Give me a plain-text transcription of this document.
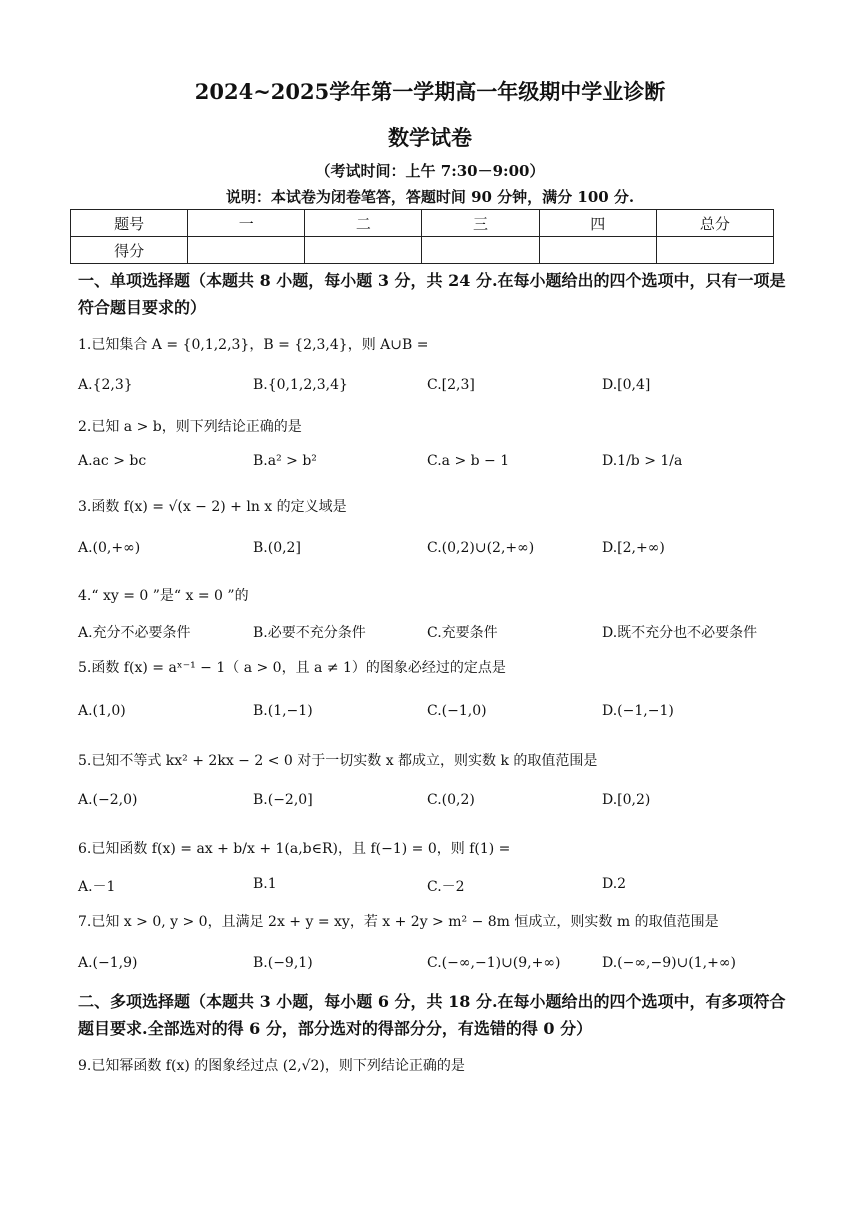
2024~2025学年第一学期高一年级期中学业诊断
数学试卷
（考试时间：上午 7:30－9:00）
说明：本试卷为闭卷笔答，答题时间 90 分钟，满分 100 分.
题号	一	二	三	四	总分
得分					
一、单项选择题（本题共 8 小题，每小题 3 分，共 24 分.在每小题给出的四个选项中，只有一项是符合题目要求的）
1.已知集合 A = {0,1,2,3}，B = {2,3,4}，则 A∪B =
A.{2,3}	B.{0,1,2,3,4}	C.[2,3]	D.[0,4]
2.已知 a > b，则下列结论正确的是
A.ac > bc	B.a² > b²	C.a > b − 1	D.1/b > 1/a
3.函数 f(x) = √(x − 2) + ln x 的定义域是
A.(0,+∞)	B.(0,2]	C.(0,2)∪(2,+∞)	D.[2,+∞)
4.“ xy = 0 ”是“ x = 0 ”的
A.充分不必要条件	B.必要不充分条件	C.充要条件	D.既不充分也不必要条件
5.函数 f(x) = aˣ⁻¹ − 1（ a > 0，且 a ≠ 1）的图象必经过的定点是
A.(1,0)	B.(1,−1)	C.(−1,0)	D.(−1,−1)
5.已知不等式 kx² + 2kx − 2 < 0 对于一切实数 x 都成立，则实数 k 的取值范围是
A.(−2,0)	B.(−2,0]	C.(0,2)	D.[0,2)
6.已知函数 f(x) = ax + b/x + 1(a,b∈R)，且 f(−1) = 0，则 f(1) =
A.－1	B.1	C.－2	D.2
7.已知 x > 0, y > 0，且满足 2x + y = xy，若 x + 2y > m² − 8m 恒成立，则实数 m 的取值范围是
A.(−1,9)	B.(−9,1)	C.(−∞,−1)∪(9,+∞)	D.(−∞,−9)∪(1,+∞)
二、多项选择题（本题共 3 小题，每小题 6 分，共 18 分.在每小题给出的四个选项中，有多项符合题目要求.全部选对的得 6 分，部分选对的得部分分，有选错的得 0 分）
9.已知幂函数 f(x) 的图象经过点 (2,√2)，则下列结论正确的是
